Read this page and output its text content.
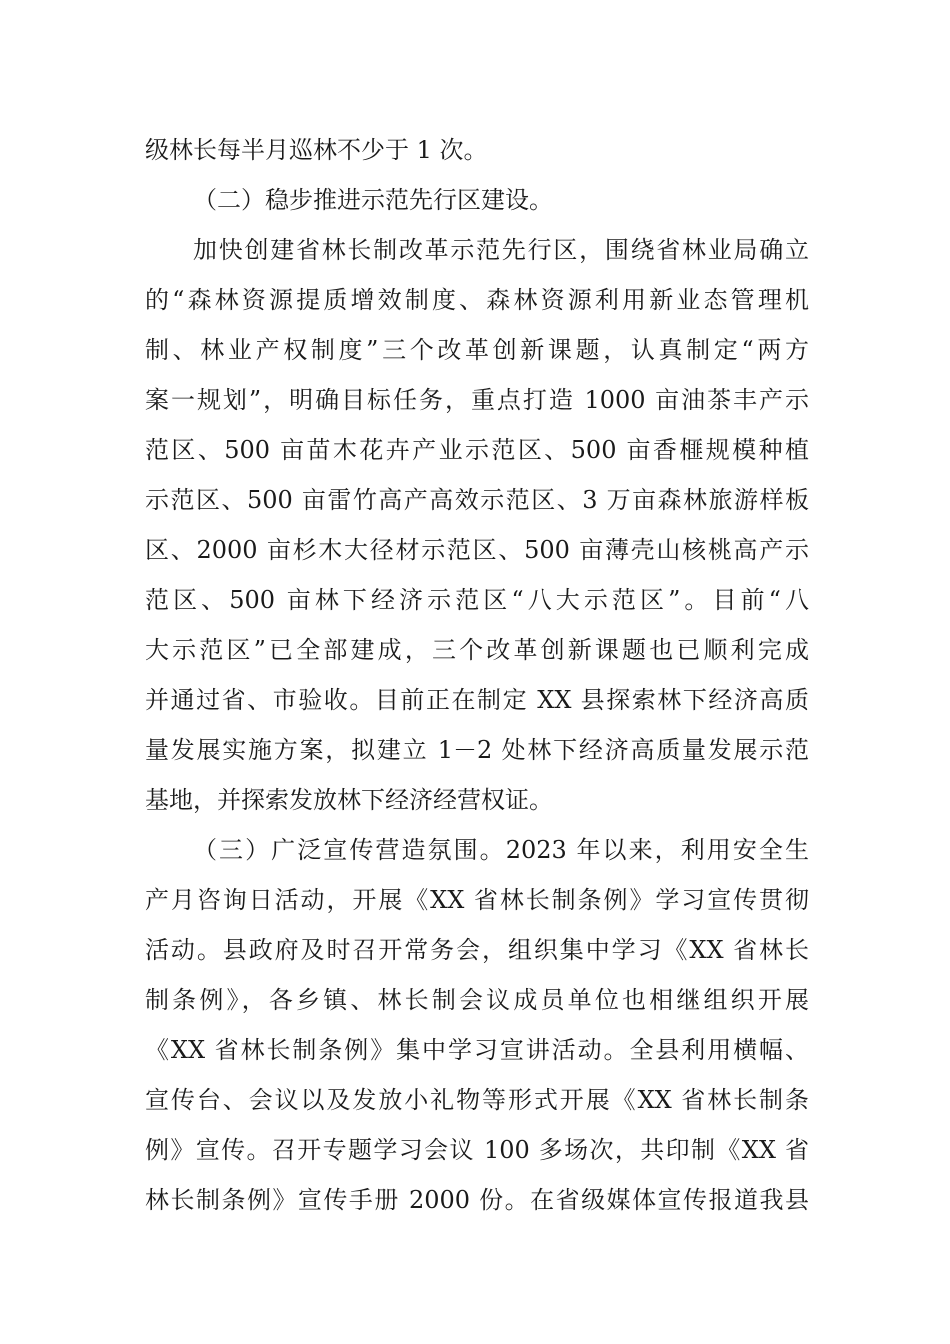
级林长每半月巡林不少于 1 次。
（二）稳步推进示范先行区建设。
加快创建省林长制改革示范先行区，围绕省林业局确立
的“森林资源提质增效制度、森林资源利用新业态管理机
制、林业产权制度”三个改革创新课题，认真制定“两方
案一规划”，明确目标任务，重点打造 1000 亩油茶丰产示
范区、500 亩苗木花卉产业示范区、500 亩香榧规模种植
示范区、500 亩雷竹高产高效示范区、3 万亩森林旅游样板
区、2000 亩杉木大径材示范区、500 亩薄壳山核桃高产示
范区、500 亩林下经济示范区“八大示范区”。目前“八
大示范区”已全部建成，三个改革创新课题也已顺利完成
并通过省、市验收。目前正在制定 XX 县探索林下经济高质
量发展实施方案，拟建立 1－2 处林下经济高质量发展示范
基地，并探索发放林下经济经营权证。
（三）广泛宣传营造氛围。2023 年以来，利用安全生
产月咨询日活动，开展《XX 省林长制条例》学习宣传贯彻
活动。县政府及时召开常务会，组织集中学习《XX 省林长
制条例》，各乡镇、林长制会议成员单位也相继组织开展
《XX 省林长制条例》集中学习宣讲活动。全县利用横幅、
宣传台、会议以及发放小礼物等形式开展《XX 省林长制条
例》宣传。召开专题学习会议 100 多场次，共印制《XX 省
林长制条例》宣传手册 2000 份。在省级媒体宣传报道我县
